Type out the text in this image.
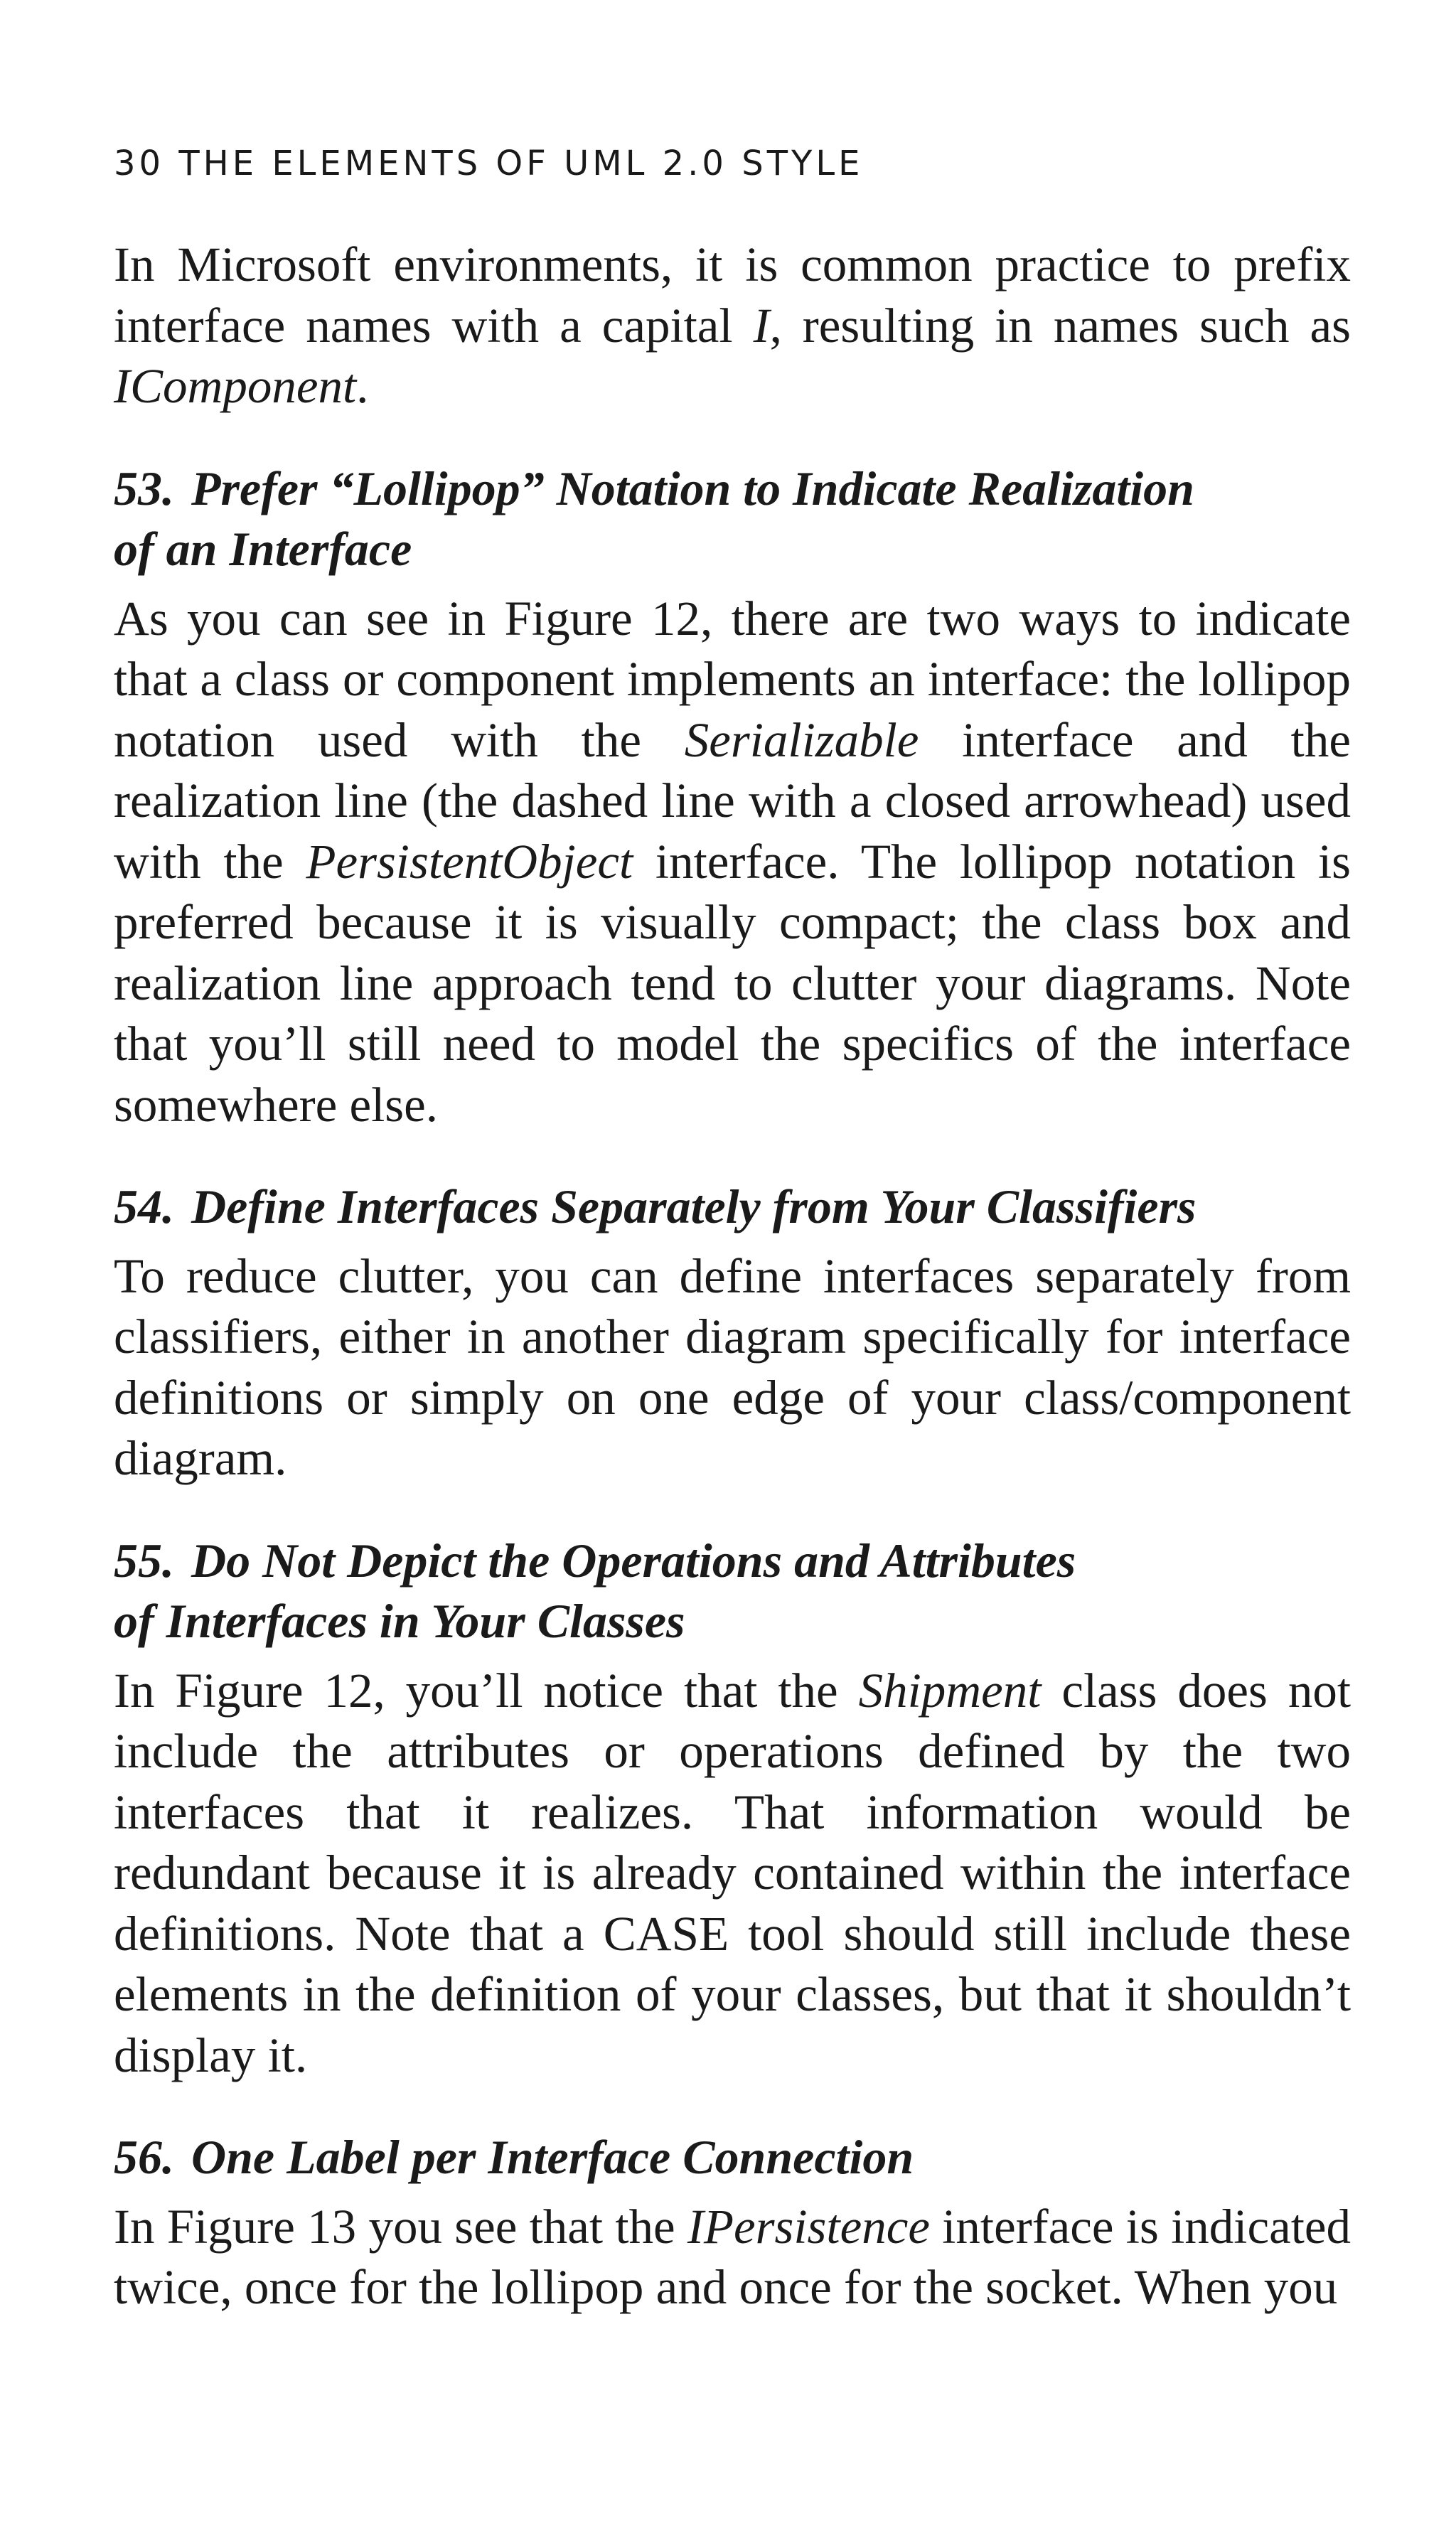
30 THE ELEMENTS OF UML 2.0 STYLE

In Microsoft environments, it is common practice to prefix interface names with a capital I, resulting in names such as IComponent.

53. Prefer “Lollipop” Notation to Indicate Realization
of an Interface

As you can see in Figure 12, there are two ways to indicate that a class or component implements an interface: the lollipop notation used with the Serializable interface and the realization line (the dashed line with a closed arrowhead) used with the PersistentObject interface. The lollipop notation is preferred because it is visually compact; the class box and realization line approach tend to clutter your diagrams. Note that you’ll still need to model the specifics of the interface somewhere else.

54. Define Interfaces Separately from Your Classifiers

To reduce clutter, you can define interfaces separately from classifiers, either in another diagram specifically for interface definitions or simply on one edge of your class/component diagram.

55. Do Not Depict the Operations and Attributes
of Interfaces in Your Classes

In Figure 12, you’ll notice that the Shipment class does not include the attributes or operations defined by the two interfaces that it realizes. That information would be redundant because it is already contained within the interface definitions. Note that a CASE tool should still include these elements in the definition of your classes, but that it shouldn’t display it.

56. One Label per Interface Connection

In Figure 13 you see that the IPersistence interface is indicated twice, once for the lollipop and once for the socket. When you
